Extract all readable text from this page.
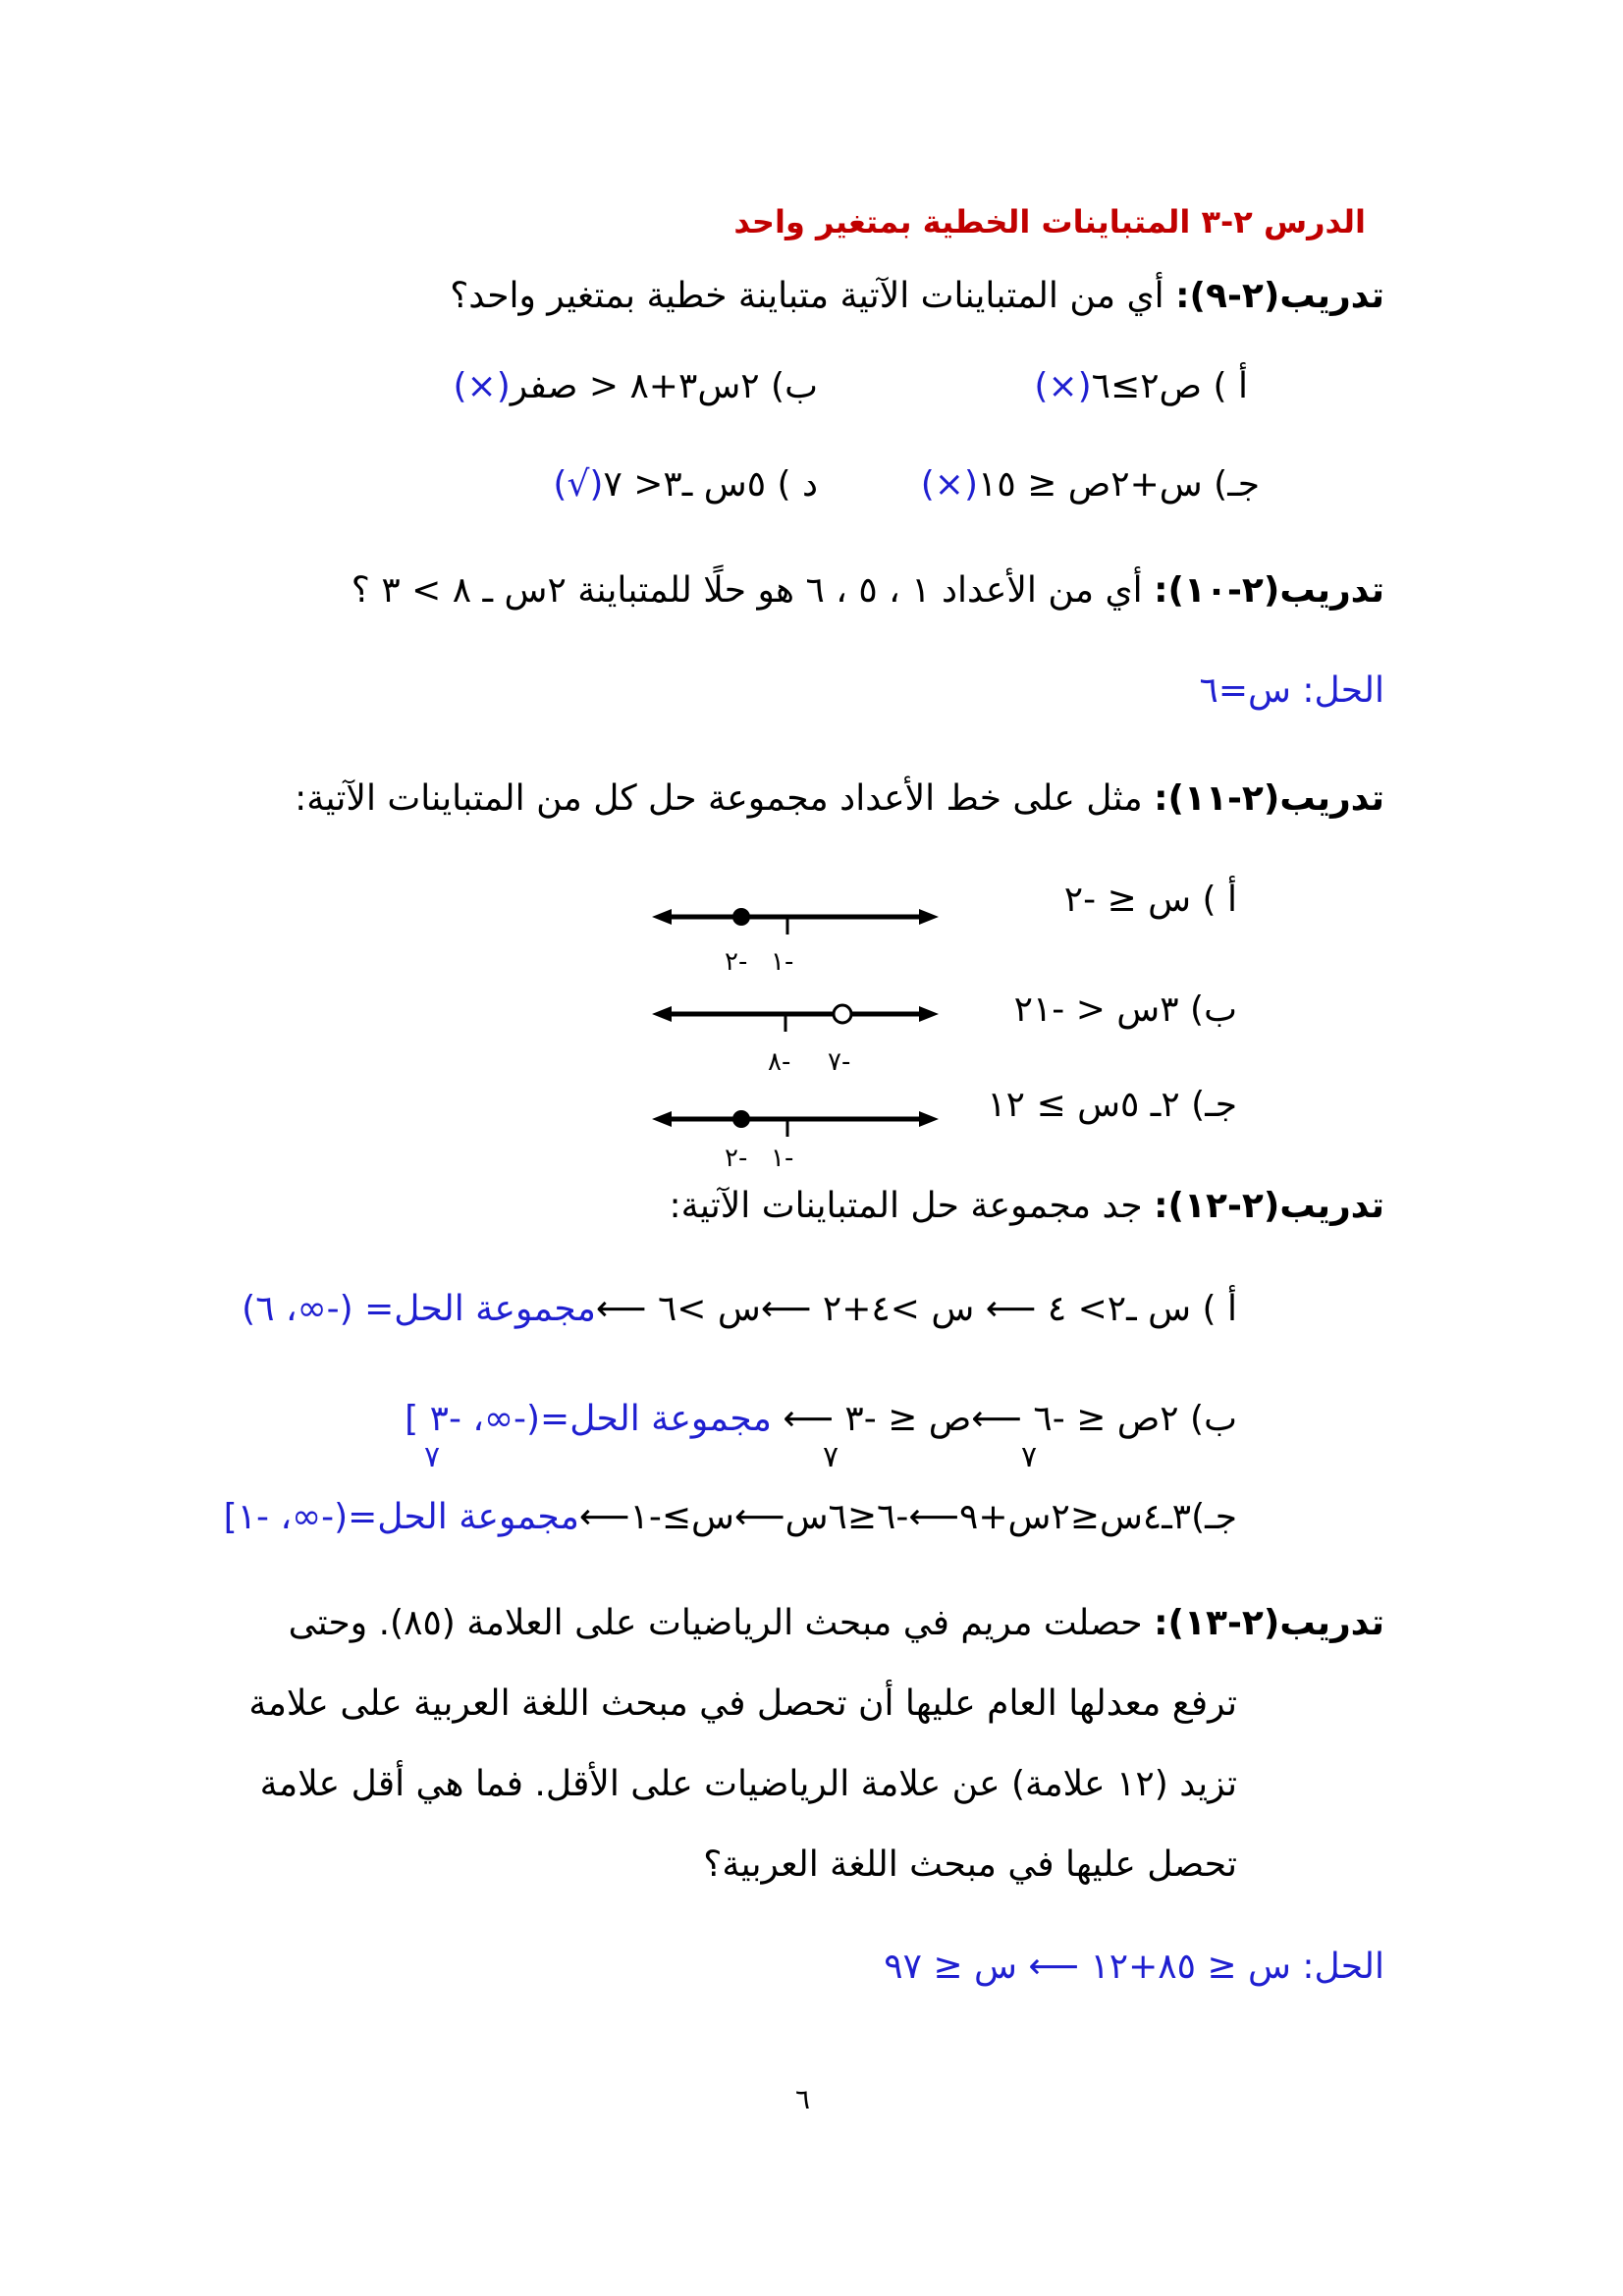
الدرس ٢-٣ المتباينات الخطية بمتغير واحد
تدريب(٢-٩): أي من المتباينات الآتية متباينة خطية بمتغير واحد؟
أ ) ص٢≥٦(×)
ب) ٢س٣+٨ < صفر(×)
جـ) س+٢ص ≤ ١٥(×)
د ) ٥س ـ٣< ٧(√)
تدريب(٢-١٠): أي من الأعداد ١ ، ٥ ، ٦ هو حلًا للمتباينة ٢س ـ ٨ > ٣ ؟
الحل: س=٦
تدريب(٢-١١): مثل على خط الأعداد مجموعة حل كل من المتباينات الآتية:
أ ) س ≤ -٢
-٢ -١
ب) ٣س < -٢١
-٨ -٧
جـ) ٢ـ ٥س ≥ ١٢
-٢ -١
تدريب(٢-١٢): جد مجموعة حل المتباينات الآتية:
أ ) س ـ٢> ٤ ⟵ س >٤+٢ ⟵س >٦ ⟵مجموعة الحل= (-∞، ٦)
ب) ٢ص ≤ -٦ ⟵ص ≤ -٣ ⟵ مجموعة الحل=(-∞، -٣ ]
٧
٧
٧
جـ)٣ـ٤س≤٢س+٩⟵-٦≤٦س⟵س≥-١⟵مجموعة الحل=(-∞، -١]
تدريب(٢-١٣): حصلت مريم في مبحث الرياضيات على العلامة (٨٥). وحتى
ترفع معدلها العام عليها أن تحصل في مبحث اللغة العربية على علامة
تزيد (١٢ علامة) عن علامة الرياضيات على الأقل. فما هي أقل علامة
تحصل عليها في مبحث اللغة العربية؟
الحل: س ≤ ٨٥+١٢ ⟵ س ≤ ٩٧
٦
